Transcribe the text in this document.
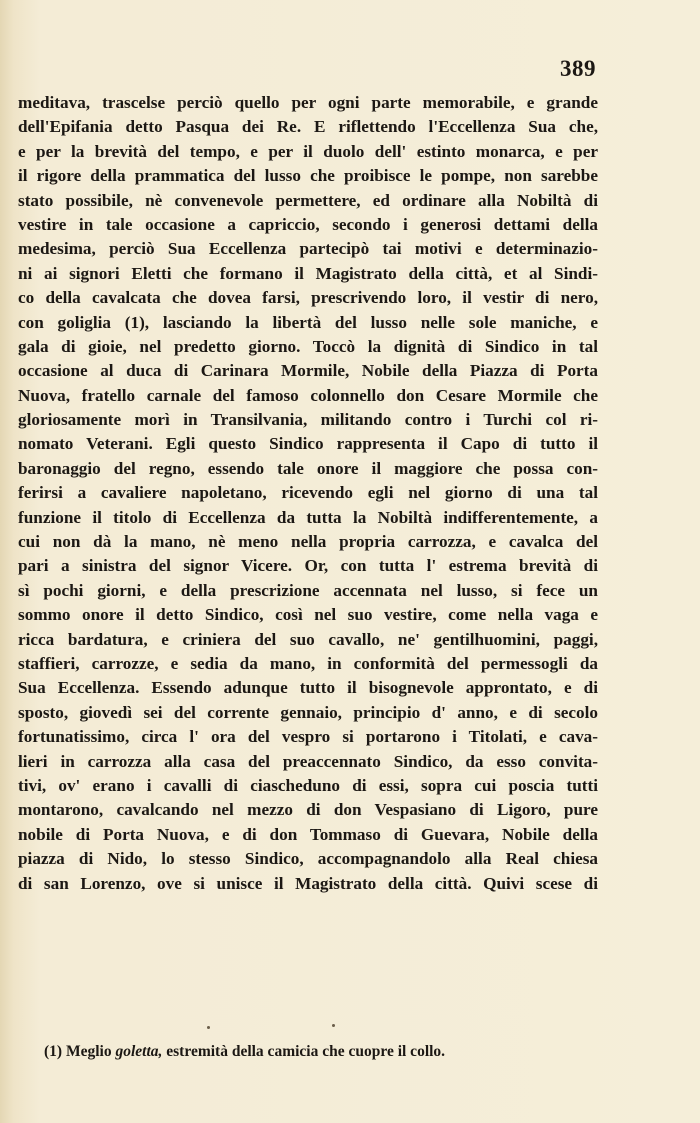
389
meditava, trascelse perciò quello per ogni parte memorabile, e grande
dell'Epifania detto Pasqua dei Re. E riflettendo l'Eccellenza Sua che,
e per la brevità del tempo, e per il duolo dell' estinto monarca, e per
il rigore della prammatica del lusso che proibisce le pompe, non sarebbe
stato possibile, nè convenevole permettere, ed ordinare alla Nobiltà di
vestire in tale occasione a capriccio, secondo i generosi dettami della
medesima, perciò Sua Eccellenza partecipò tai motivi e determinazio-
ni ai signori Eletti che formano il Magistrato della città, et al Sindi-
co della cavalcata che dovea farsi, prescrivendo loro, il vestir di nero,
con goliglia (1), lasciando la libertà del lusso nelle sole maniche, e
gala di gioie, nel predetto giorno. Toccò la dignità di Sindico in tal
occasione al duca di Carinara Mormile, Nobile della Piazza di Porta
Nuova, fratello carnale del famoso colonnello don Cesare Mormile che
gloriosamente morì in Transilvania, militando contro i Turchi col ri-
nomato Veterani. Egli questo Sindico rappresenta il Capo di tutto il
baronaggio del regno, essendo tale onore il maggiore che possa con-
ferirsi a cavaliere napoletano, ricevendo egli nel giorno di una tal
funzione il titolo di Eccellenza da tutta la Nobiltà indifferentemente, a
cui non dà la mano, nè meno nella propria carrozza, e cavalca del
pari a sinistra del signor Vicere. Or, con tutta l' estrema brevità di
sì pochi giorni, e della prescrizione accennata nel lusso, si fece un
sommo onore il detto Sindico, così nel suo vestire, come nella vaga e
ricca bardatura, e criniera del suo cavallo, ne' gentilhuomini, paggi,
staffieri, carrozze, e sedia da mano, in conformità del permessogli da
Sua Eccellenza. Essendo adunque tutto il bisognevole approntato, e di
sposto, giovedì sei del corrente gennaio, principio d' anno, e di secolo
fortunatissimo, circa l' ora del vespro si portarono i Titolati, e cava-
lieri in carrozza alla casa del preaccennato Sindico, da esso convita-
tivi, ov' erano i cavalli di ciascheduno di essi, sopra cui poscia tutti
montarono, cavalcando nel mezzo di don Vespasiano di Ligoro, pure
nobile di Porta Nuova, e di don Tommaso di Guevara, Nobile della
piazza di Nido, lo stesso Sindico, accompagnandolo alla Real chiesa
di san Lorenzo, ove si unisce il Magistrato della città. Quivi scese di
(1) Meglio goletta, estremità della camicia che cuopre il collo.
